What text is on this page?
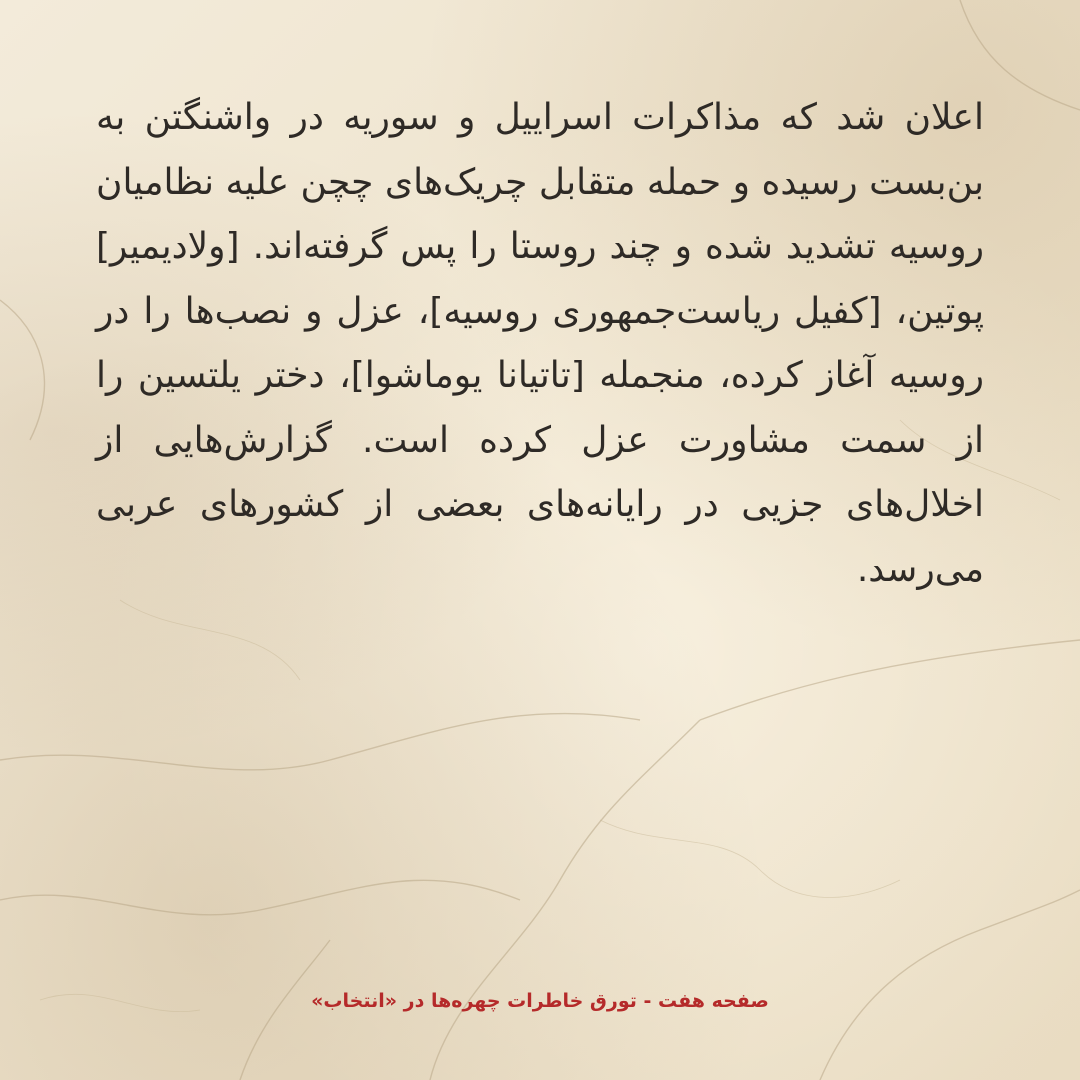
اعلان شد که مذاکرات اسراییل و سوریه در واشنگتن به بن‌بست رسیده و حمله متقابل چریک‌های چچن علیه نظامیان روسیه تشدید شده و چند روستا را پس گرفته‌اند. [ولادیمیر] پوتین، [کفیل ریاست‌جمهوری روسیه]، عزل و نصب‌ها را در روسیه آغاز کرده، منجمله [تاتیانا یوماشوا]، دختر یلتسین را از سمت مشاورت عزل کرده است. گزارش‌هایی از اخلال‌های جزیی در رایانه‌های بعضی از کشورهای عربی می‌رسد.

صفحه هفت - تورق خاطرات چهره‌ها در «انتخاب»
